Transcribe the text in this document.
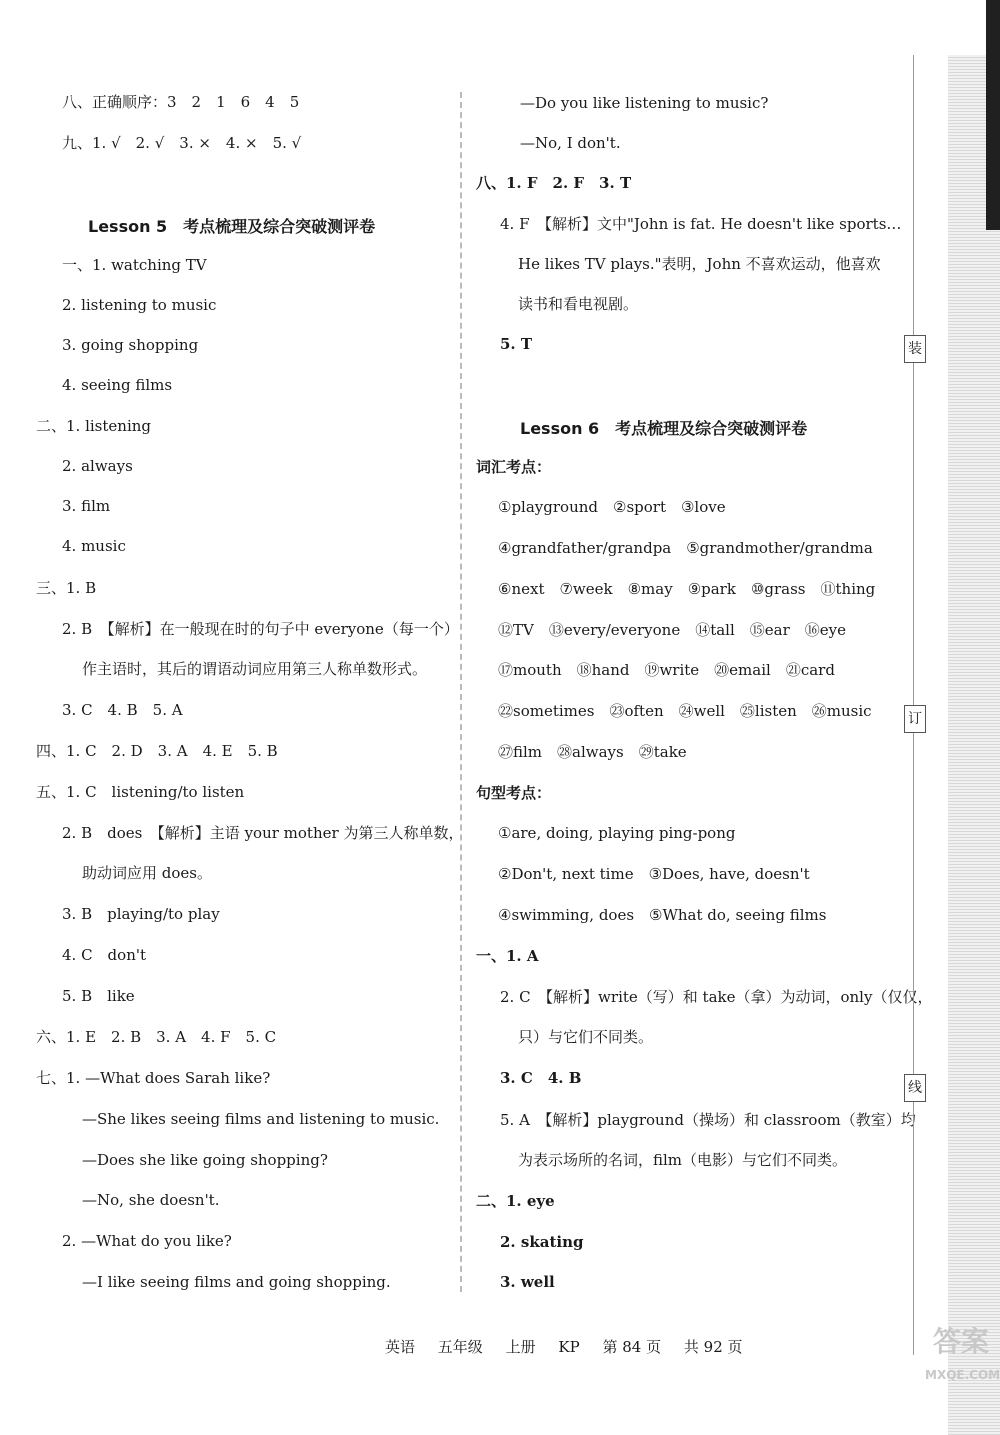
八、正确顺序：3　2　1　6　4　5
九、1. √　2. √　3. ×　4. ×　5. √
Lesson 5　考点梳理及综合突破测评卷
一、1. watching TV
2. listening to music
3. going shopping
4. seeing films
二、1. listening
2. always
3. film
4. music
三、1. B
2. B　【解析】在一般现在时的句子中 everyone（每一个）
作主语时，其后的谓语动词应用第三人称单数形式。
3. C　4. B　5. A
四、1. C　2. D　3. A　4. E　5. B
五、1. C　listening/to listen
2. B　does　【解析】主语 your mother 为第三人称单数，
助动词应用 does。
3. B　playing/to play
4. C　don't
5. B　like
六、1. E　2. B　3. A　4. F　5. C
七、1. —What does Sarah like?
—She likes seeing films and listening to music.
—Does she like going shopping?
—No, she doesn't.
2. —What do you like?
—I like seeing films and going shopping.
—Do you like listening to music?
—No, I don't.
八、1. F　2. F　3. T
4. F　【解析】文中"John is fat. He doesn't like sports…
He likes TV plays."表明，John 不喜欢运动，他喜欢
读书和看电视剧。
5. T
Lesson 6　考点梳理及综合突破测评卷
词汇考点：
①playground　②sport　③love
④grandfather/grandpa　⑤grandmother/grandma
⑥next　⑦week　⑧may　⑨park　⑩grass　⑪thing
⑫TV　⑬every/everyone　⑭tall　⑮ear　⑯eye
⑰mouth　⑱hand　⑲write　⑳email　㉑card
㉒sometimes　㉓often　㉔well　㉕listen　㉖music
㉗film　㉘always　㉙take
句型考点：
①are, doing, playing ping-pong
②Don't, next time　③Does, have, doesn't
④swimming, does　⑤What do, seeing films
一、1. A
2. C　【解析】write（写）和 take（拿）为动词，only（仅仅，
只）与它们不同类。
3. C　4. B
5. A　【解析】playground（操场）和 classroom（教室）均
为表示场所的名词，film（电影）与它们不同类。
二、1. eye
2. skating
3. well
装
订
线
英语 五年级 上册 KP 第 84 页 共 92 页	答案
MXQE.COM
